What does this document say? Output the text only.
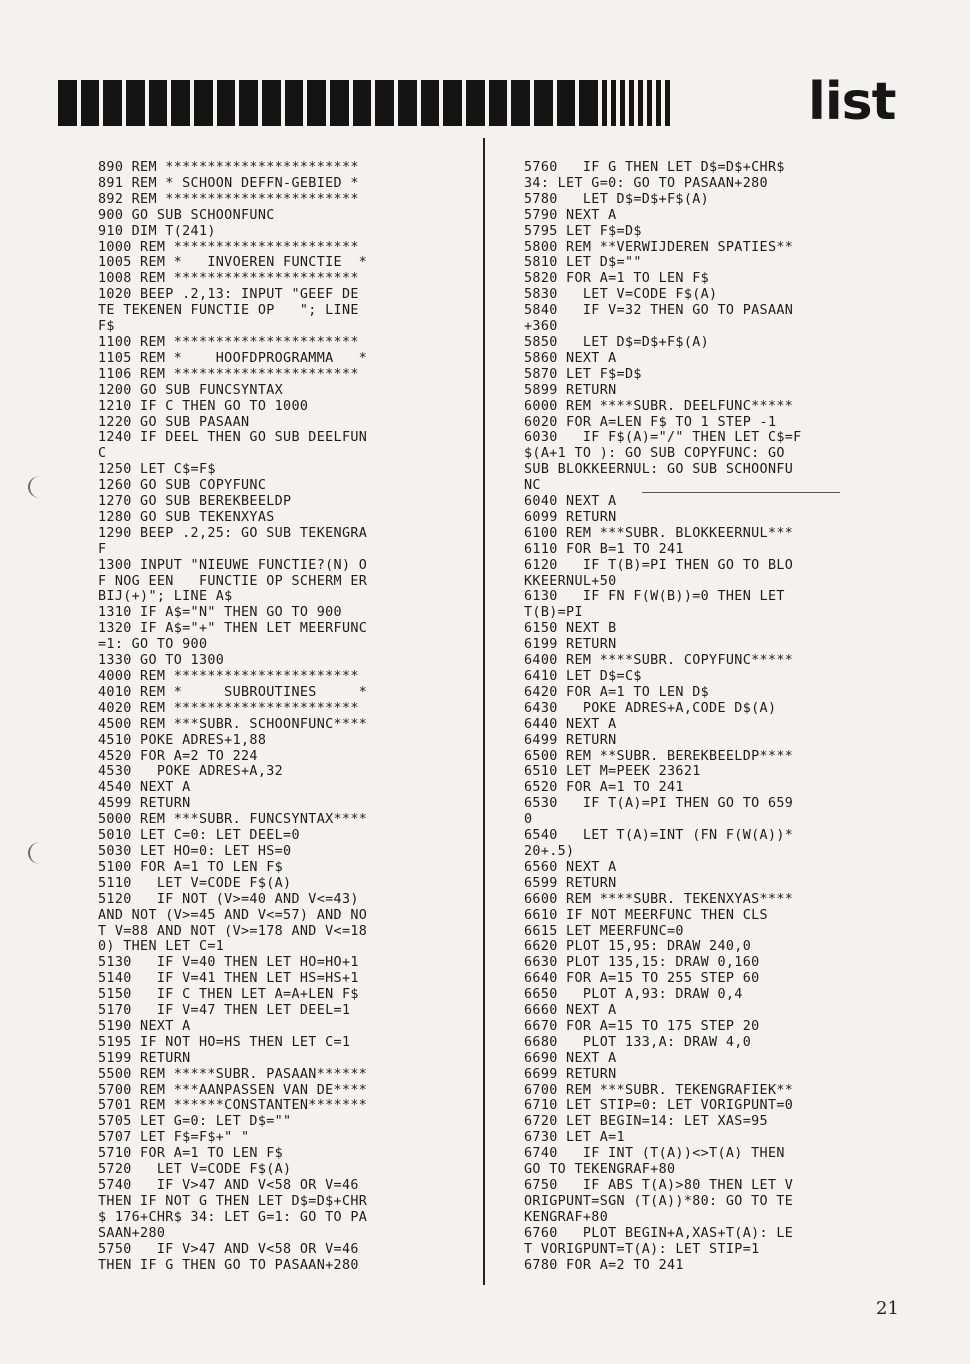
list
890 REM ***********************
891 REM * SCHOON DEFFN-GEBIED *
892 REM ***********************
900 GO SUB SCHOONFUNC
910 DIM T(241)
1000 REM **********************
1005 REM *   INVOEREN FUNCTIE  *
1008 REM **********************
1020 BEEP .2,13: INPUT "GEEF DE
TE TEKENEN FUNCTIE OP   "; LINE
F$
1100 REM **********************
1105 REM *    HOOFDPROGRAMMA   *
1106 REM **********************
1200 GO SUB FUNCSYNTAX
1210 IF C THEN GO TO 1000
1220 GO SUB PASAAN
1240 IF DEEL THEN GO SUB DEELFUN
C
1250 LET C$=F$
1260 GO SUB COPYFUNC
1270 GO SUB BEREKBEELDP
1280 GO SUB TEKENXYAS
1290 BEEP .2,25: GO SUB TEKENGRA
F
1300 INPUT "NIEUWE FUNCTIE?(N) O
F NOG EEN   FUNCTIE OP SCHERM ER
BIJ(+)"; LINE A$
1310 IF A$="N" THEN GO TO 900
1320 IF A$="+" THEN LET MEERFUNC
=1: GO TO 900
1330 GO TO 1300
4000 REM **********************
4010 REM *     SUBROUTINES     *
4020 REM **********************
4500 REM ***SUBR. SCHOONFUNC****
4510 POKE ADRES+1,88
4520 FOR A=2 TO 224
4530   POKE ADRES+A,32
4540 NEXT A
4599 RETURN
5000 REM ***SUBR. FUNCSYNTAX****
5010 LET C=0: LET DEEL=0
5030 LET HO=0: LET HS=0
5100 FOR A=1 TO LEN F$
5110   LET V=CODE F$(A)
5120   IF NOT (V>=40 AND V<=43)
AND NOT (V>=45 AND V<=57) AND NO
T V=88 AND NOT (V>=178 AND V<=18
0) THEN LET C=1
5130   IF V=40 THEN LET HO=HO+1
5140   IF V=41 THEN LET HS=HS+1
5150   IF C THEN LET A=A+LEN F$
5170   IF V=47 THEN LET DEEL=1
5190 NEXT A
5195 IF NOT HO=HS THEN LET C=1
5199 RETURN
5500 REM *****SUBR. PASAAN******
5700 REM ***AANPASSEN VAN DE****
5701 REM ******CONSTANTEN*******
5705 LET G=0: LET D$=""
5707 LET F$=F$+" "
5710 FOR A=1 TO LEN F$
5720   LET V=CODE F$(A)
5740   IF V>47 AND V<58 OR V=46
THEN IF NOT G THEN LET D$=D$+CHR
$ 176+CHR$ 34: LET G=1: GO TO PA
SAAN+280
5750   IF V>47 AND V<58 OR V=46
THEN IF G THEN GO TO PASAAN+280
5760   IF G THEN LET D$=D$+CHR$
34: LET G=0: GO TO PASAAN+280
5780   LET D$=D$+F$(A)
5790 NEXT A
5795 LET F$=D$
5800 REM **VERWIJDEREN SPATIES**
5810 LET D$=""
5820 FOR A=1 TO LEN F$
5830   LET V=CODE F$(A)
5840   IF V=32 THEN GO TO PASAAN
+360
5850   LET D$=D$+F$(A)
5860 NEXT A
5870 LET F$=D$
5899 RETURN
6000 REM ****SUBR. DEELFUNC*****
6020 FOR A=LEN F$ TO 1 STEP -1
6030   IF F$(A)="/" THEN LET C$=F
$(A+1 TO ): GO SUB COPYFUNC: GO
SUB BLOKKEERNUL: GO SUB SCHOONFU
NC
6040 NEXT A
6099 RETURN
6100 REM ***SUBR. BLOKKEERNUL***
6110 FOR B=1 TO 241
6120   IF T(B)=PI THEN GO TO BLO
KKEERNUL+50
6130   IF FN F(W(B))=0 THEN LET
T(B)=PI
6150 NEXT B
6199 RETURN
6400 REM ****SUBR. COPYFUNC*****
6410 LET D$=C$
6420 FOR A=1 TO LEN D$
6430   POKE ADRES+A,CODE D$(A)
6440 NEXT A
6499 RETURN
6500 REM **SUBR. BEREKBEELDP****
6510 LET M=PEEK 23621
6520 FOR A=1 TO 241
6530   IF T(A)=PI THEN GO TO 659
0
6540   LET T(A)=INT (FN F(W(A))*
20+.5)
6560 NEXT A
6599 RETURN
6600 REM ****SUBR. TEKENXYAS****
6610 IF NOT MEERFUNC THEN CLS
6615 LET MEERFUNC=0
6620 PLOT 15,95: DRAW 240,0
6630 PLOT 135,15: DRAW 0,160
6640 FOR A=15 TO 255 STEP 60
6650   PLOT A,93: DRAW 0,4
6660 NEXT A
6670 FOR A=15 TO 175 STEP 20
6680   PLOT 133,A: DRAW 4,0
6690 NEXT A
6699 RETURN
6700 REM ***SUBR. TEKENGRAFIEK**
6710 LET STIP=0: LET VORIGPUNT=0
6720 LET BEGIN=14: LET XAS=95
6730 LET A=1
6740   IF INT (T(A))<>T(A) THEN
GO TO TEKENGRAF+80
6750   IF ABS T(A)>80 THEN LET V
ORIGPUNT=SGN (T(A))*80: GO TO TE
KENGRAF+80
6760   PLOT BEGIN+A,XAS+T(A): LE
T VORIGPUNT=T(A): LET STIP=1
6780 FOR A=2 TO 241
21
